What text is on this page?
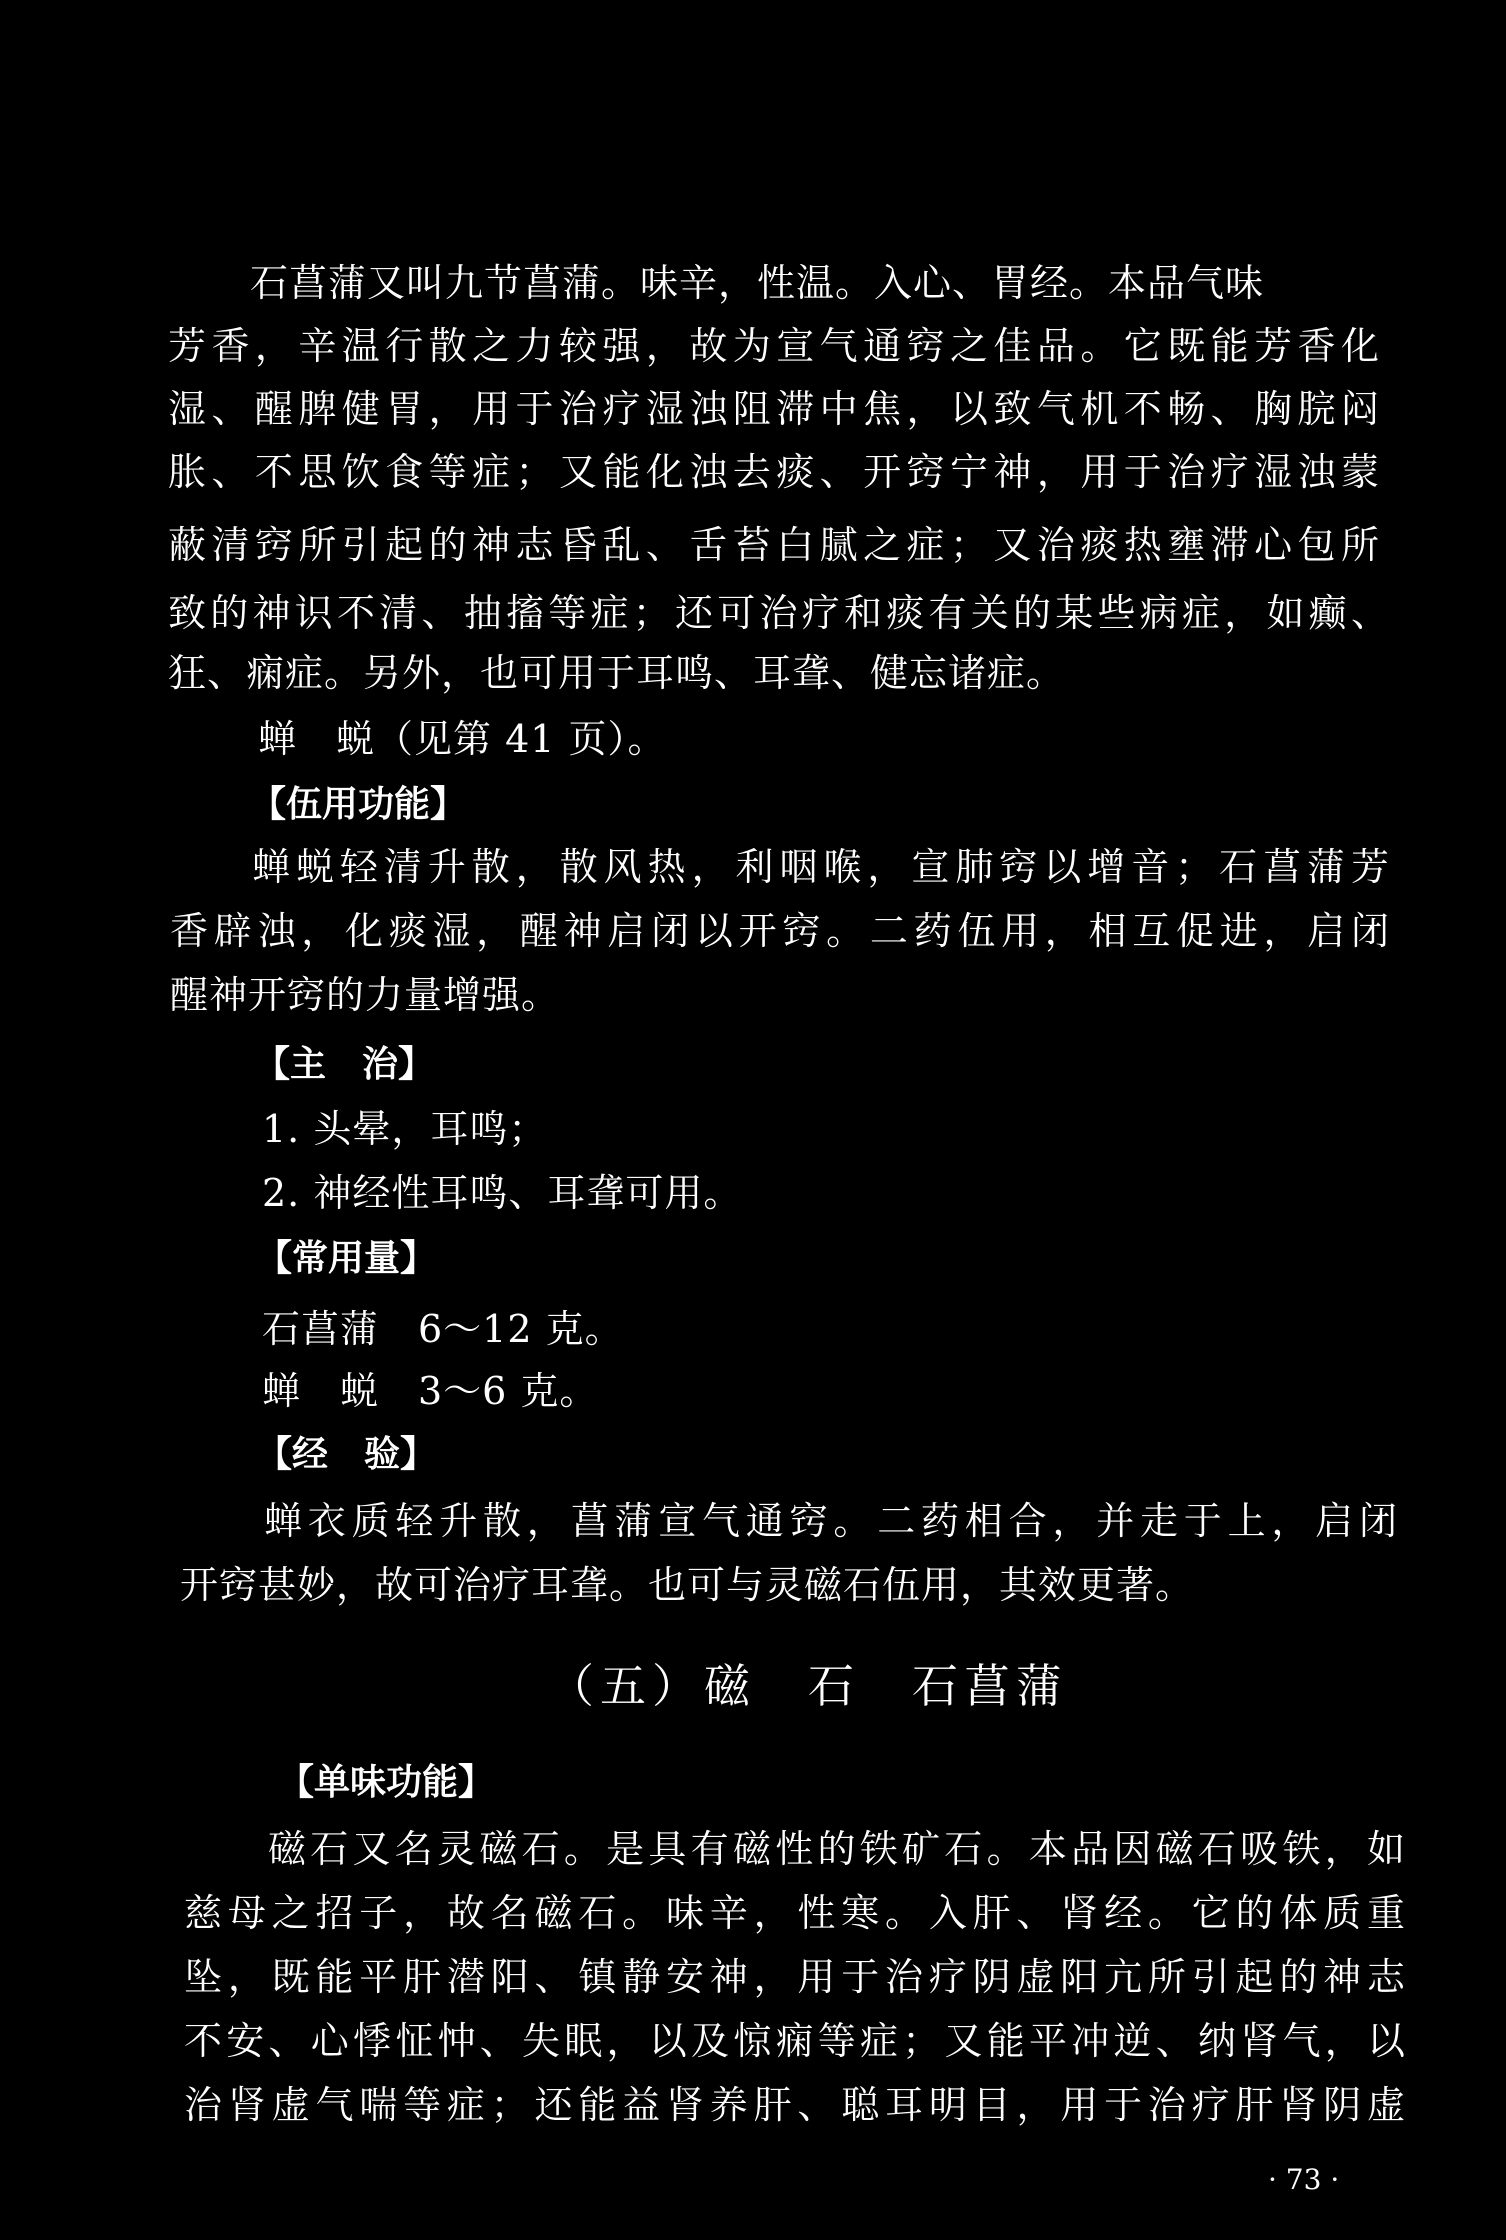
石菖蒲又叫九节菖蒲。味辛，性温。入心、胃经。本品气味
芳香，辛温行散之力较强，故为宣气通窍之佳品。它既能芳香化
湿、醒脾健胃，用于治疗湿浊阻滞中焦，以致气机不畅、胸脘闷
胀、不思饮食等症；又能化浊去痰、开窍宁神，用于治疗湿浊蒙
蔽清窍所引起的神志昏乱、舌苔白腻之症；又治痰热壅滞心包所
致的神识不清、抽搐等症；还可治疗和痰有关的某些病症，如癫、
狂、痫症。另外，也可用于耳鸣、耳聋、健忘诸症。
蝉　蜕（见第 41 页）。
【伍用功能】
蝉蜕轻清升散，散风热，利咽喉，宣肺窍以增音；石菖蒲芳
香辟浊，化痰湿，醒神启闭以开窍。二药伍用，相互促进，启闭
醒神开窍的力量增强。
【主　治】
1. 头晕，耳鸣；
2. 神经性耳鸣、耳聋可用。
【常用量】
石菖蒲　6～12 克。
蝉　蜕　3～6 克。
【经　验】
蝉衣质轻升散，菖蒲宣气通窍。二药相合，并走于上，启闭
开窍甚妙，故可治疗耳聋。也可与灵磁石伍用，其效更著。
（五）磁　石　石菖蒲
【单味功能】
磁石又名灵磁石。是具有磁性的铁矿石。本品因磁石吸铁，如
慈母之招子，故名磁石。味辛，性寒。入肝、肾经。它的体质重
坠，既能平肝潜阳、镇静安神，用于治疗阴虚阳亢所引起的神志
不安、心悸怔忡、失眠，以及惊痫等症；又能平冲逆、纳肾气，以
治肾虚气喘等症；还能益肾养肝、聪耳明目，用于治疗肝肾阴虚
· 73 ·
